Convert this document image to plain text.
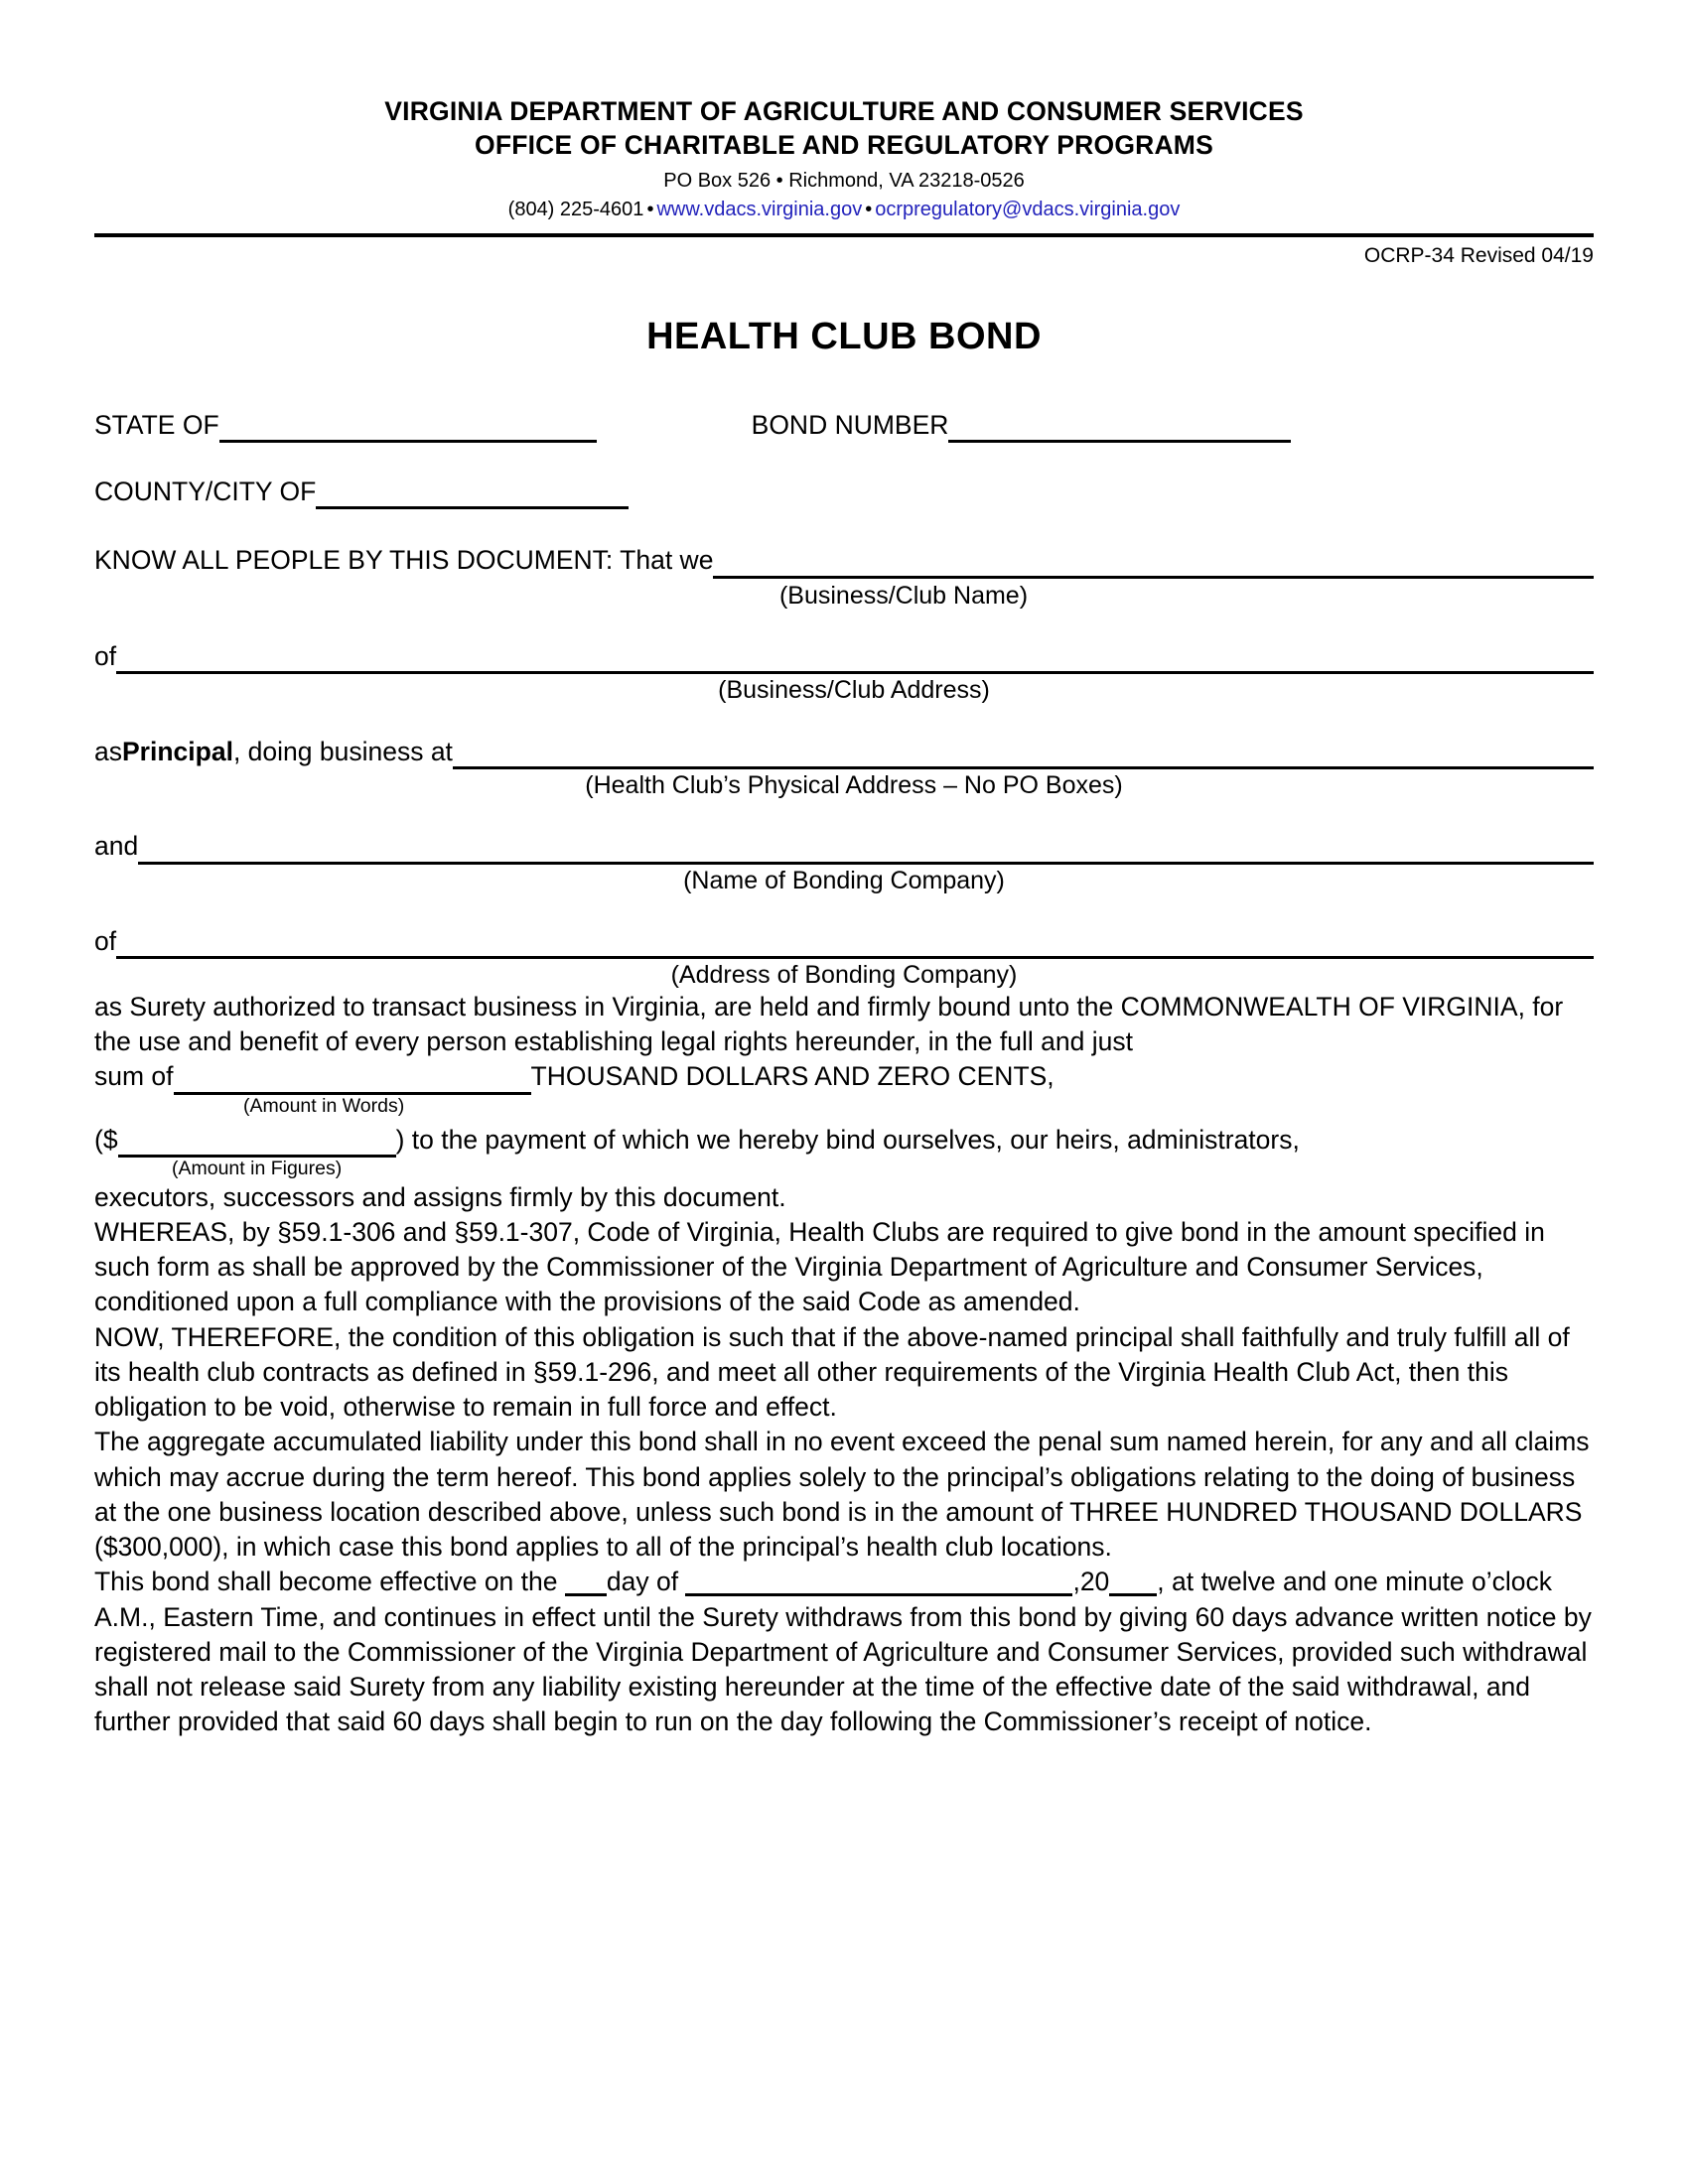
VIRGINIA DEPARTMENT OF AGRICULTURE AND CONSUMER SERVICES
OFFICE OF CHARITABLE AND REGULATORY PROGRAMS
PO Box 526 • Richmond, VA 23218-0526
(804) 225-4601 • www.vdacs.virginia.gov • ocrpregulatory@vdacs.virginia.gov
OCRP-34 Revised 04/19
HEALTH CLUB BOND
STATE OF	BOND NUMBER
COUNTY/CITY OF
KNOW ALL PEOPLE BY THIS DOCUMENT: That we
(Business/Club Name)
of
(Business/Club Address)
as Principal , doing business at
(Health Club’s Physical Address – No PO Boxes)
and
(Name of Bonding Company)
of
(Address of Bonding Company)

as Surety authorized to transact business in Virginia, are held and firmly bound unto the COMMONWEALTH OF VIRGINIA, for the use and benefit of every person establishing legal rights hereunder, in the full and just

sum of	THOUSAND DOLLARS AND ZERO CENTS,
(Amount in Words)
($	) to the payment of which we hereby bind ourselves, our heirs, administrators,
(Amount in Figures)

executors, successors and assigns firmly by this document.

WHEREAS, by §59.1-306 and §59.1-307, Code of Virginia, Health Clubs are required to give bond in the amount specified in such form as shall be approved by the Commissioner of the Virginia Department of Agriculture and Consumer Services, conditioned upon a full compliance with the provisions of the said Code as amended.

NOW, THEREFORE, the condition of this obligation is such that if the above-named principal shall faithfully and truly fulfill all of its health club contracts as defined in §59.1-296, and meet all other requirements of the Virginia Health Club Act, then this obligation to be void, otherwise to remain in full force and effect.

The aggregate accumulated liability under this bond shall in no event exceed the penal sum named herein, for any and all claims which may accrue during the term hereof. This bond applies solely to the principal’s obligations relating to the doing of business at the one business location described above, unless such bond is in the amount of THREE HUNDRED THOUSAND DOLLARS ($300,000), in which case this bond applies to all of the principal’s health club locations.

This bond shall become effective on the day of	,20 , at twelve and one minute o’clock A.M., Eastern Time, and continues in effect until the Surety withdraws from this bond by giving 60 days advance written notice by registered mail to the Commissioner of the Virginia Department of Agriculture and Consumer Services, provided such withdrawal shall not release said Surety from any liability existing hereunder at the time of the effective date of the said withdrawal, and further provided that said 60 days shall begin to run on the day following the Commissioner’s receipt of notice.
